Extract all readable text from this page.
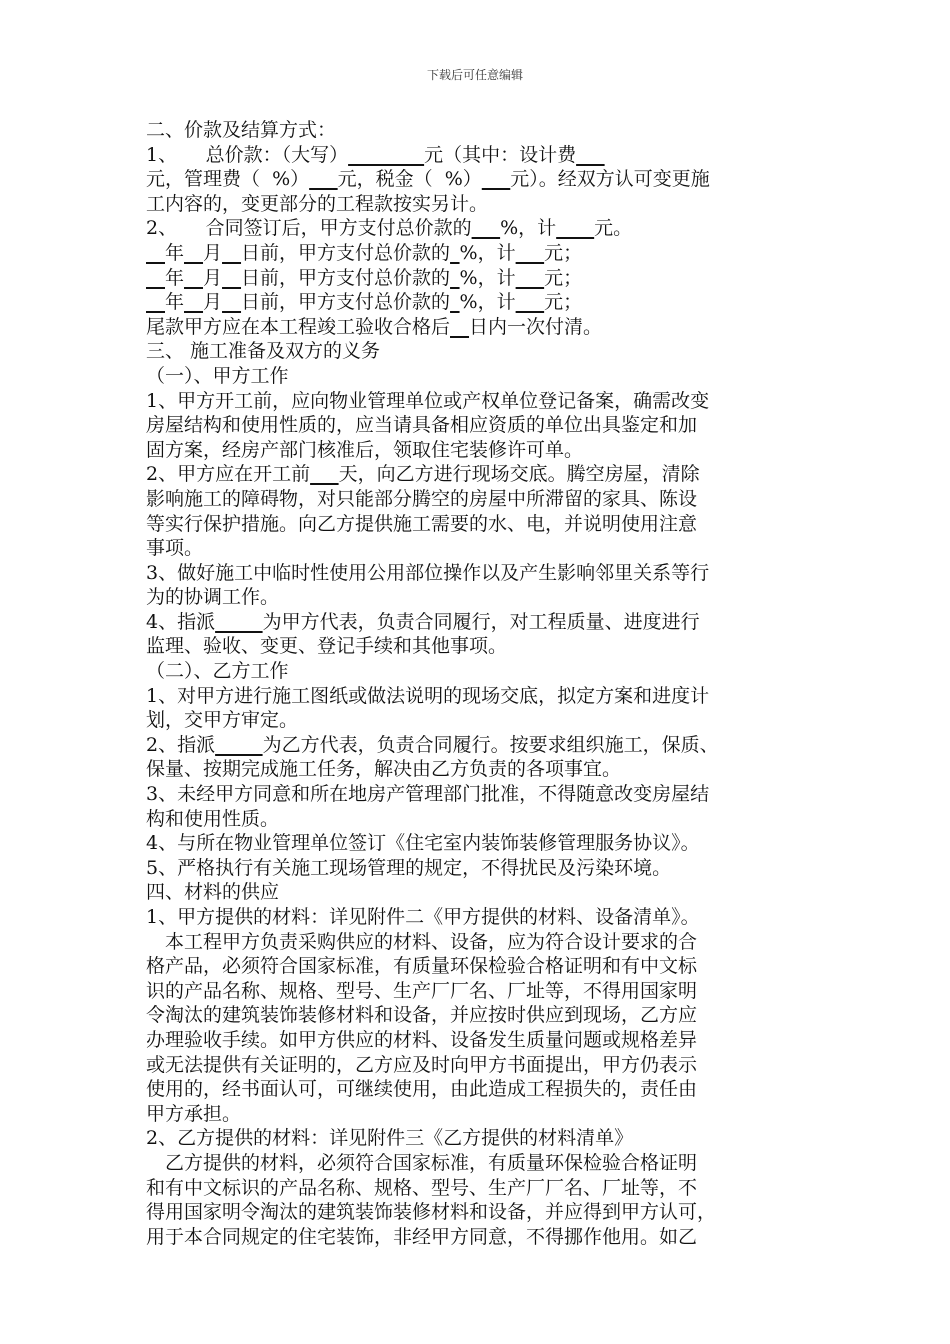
下载后可任意编辑
二、价款及结算方式：
1、　　总价款：（大写）        	元（其中：设计费   
元，管理费（  %）    元，税金（  %）    元）。经双方认可变更施
工内容的，变更部分的工程款按实另计。
2、　　合同签订后，甲方支付总价款的    %，计     元。
  年   月   日前，甲方支付总价款的  %，计    元；
  年   月   日前，甲方支付总价款的  %，计    元；
  年   月   日前，甲方支付总价款的  %，计    元；
尾款甲方应在本工程竣工验收合格后   日内一次付清。
三、 施工准备及双方的义务
（一）、甲方工作
1、甲方开工前，应向物业管理单位或产权单位登记备案，确需改变
房屋结构和使用性质的，应当请具备相应资质的单位出具鉴定和加
固方案，经房产部门核准后，领取住宅装修许可单。
2、甲方应在开工前    天，向乙方进行现场交底。腾空房屋，清除
影响施工的障碍物，对只能部分腾空的房屋中所滞留的家具、陈设
等实行保护措施。向乙方提供施工需要的水、电，并说明使用注意
事项。
3、做好施工中临时性使用公用部位操作以及产生影响邻里关系等行
为的协调工作。
4、指派     	为甲方代表，负责合同履行，对工程质量、进度进行
监理、验收、变更、登记手续和其他事项。
（二）、乙方工作
1、对甲方进行施工图纸或做法说明的现场交底，拟定方案和进度计
划，交甲方审定。
2、指派     	为乙方代表，负责合同履行。按要求组织施工，保质、
保量、按期完成施工任务，解决由乙方负责的各项事宜。
3、未经甲方同意和所在地房产管理部门批准，不得随意改变房屋结
构和使用性质。
4、与所在物业管理单位签订《住宅室内装饰装修管理服务协议》。
5、严格执行有关施工现场管理的规定，不得扰民及污染环境。
四、材料的供应
1、甲方提供的材料：详见附件二《甲方提供的材料、设备清单》。
　本工程甲方负责采购供应的材料、设备，应为符合设计要求的合
格产品，必须符合国家标准，有质量环保检验合格证明和有中文标
识的产品名称、规格、型号、生产厂厂名、厂址等，不得用国家明
令淘汰的建筑装饰装修材料和设备，并应按时供应到现场，乙方应
办理验收手续。如甲方供应的材料、设备发生质量问题或规格差异
或无法提供有关证明的，乙方应及时向甲方书面提出，甲方仍表示
使用的，经书面认可，可继续使用，由此造成工程损失的，责任由
甲方承担。
2、乙方提供的材料：详见附件三《乙方提供的材料清单》
　乙方提供的材料，必须符合国家标准，有质量环保检验合格证明
和有中文标识的产品名称、规格、型号、生产厂厂名、厂址等，不
得用国家明令淘汰的建筑装饰装修材料和设备，并应得到甲方认可，
用于本合同规定的住宅装饰，非经甲方同意，不得挪作他用。如乙
